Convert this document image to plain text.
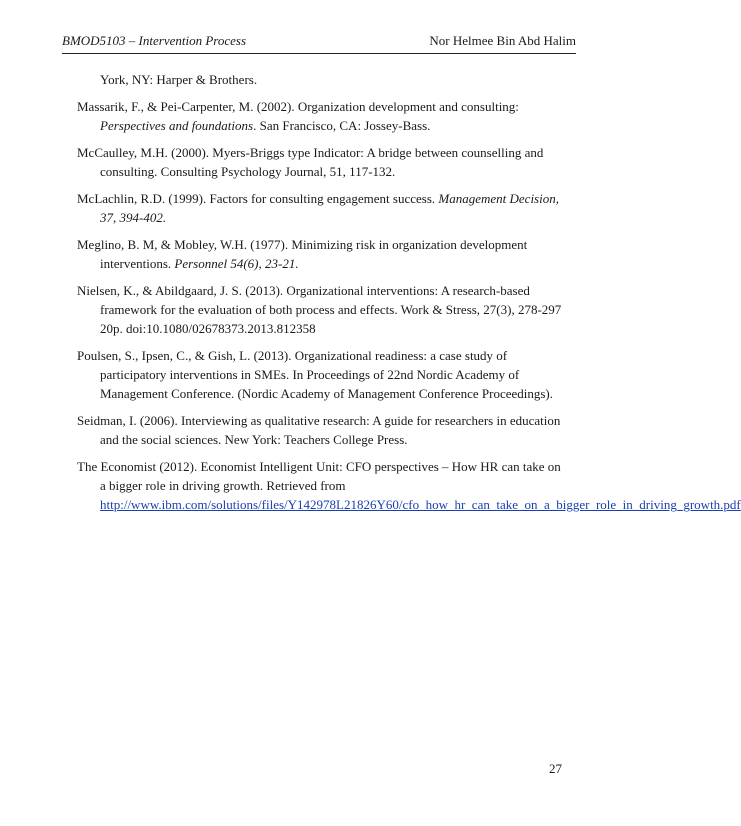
BMOD5103 – Intervention Process	Nor Helmee Bin Abd Halim

York, NY: Harper & Brothers.

Massarik, F., & Pei-Carpenter, M. (2002). Organization development and consulting: Perspectives and foundations. San Francisco, CA: Jossey-Bass.

McCaulley, M.H. (2000). Myers-Briggs type Indicator: A bridge between counselling and consulting. Consulting Psychology Journal, 51, 117-132.

McLachlin, R.D. (1999). Factors for consulting engagement success. Management Decision, 37, 394-402.

Meglino, B. M, & Mobley, W.H. (1977). Minimizing risk in organization development interventions. Personnel 54(6), 23-21.

Nielsen, K., & Abildgaard, J. S. (2013). Organizational interventions: A research-based framework for the evaluation of both process and effects. Work & Stress, 27(3), 278-297 20p. doi:10.1080/02678373.2013.812358

Poulsen, S., Ipsen, C., & Gish, L. (2013). Organizational readiness: a case study of participatory interventions in SMEs. In Proceedings of 22nd Nordic Academy of Management Conference. (Nordic Academy of Management Conference Proceedings).

Seidman, I. (2006). Interviewing as qualitative research: A guide for researchers in education and the social sciences. New York: Teachers College Press.

The Economist (2012). Economist Intelligent Unit: CFO perspectives – How HR can take on a bigger role in driving growth. Retrieved from http://www.ibm.com/solutions/files/Y142978L21826Y60/cfo_how_hr_can_take_on_a_bigger_role_in_driving_growth.pdf

27
